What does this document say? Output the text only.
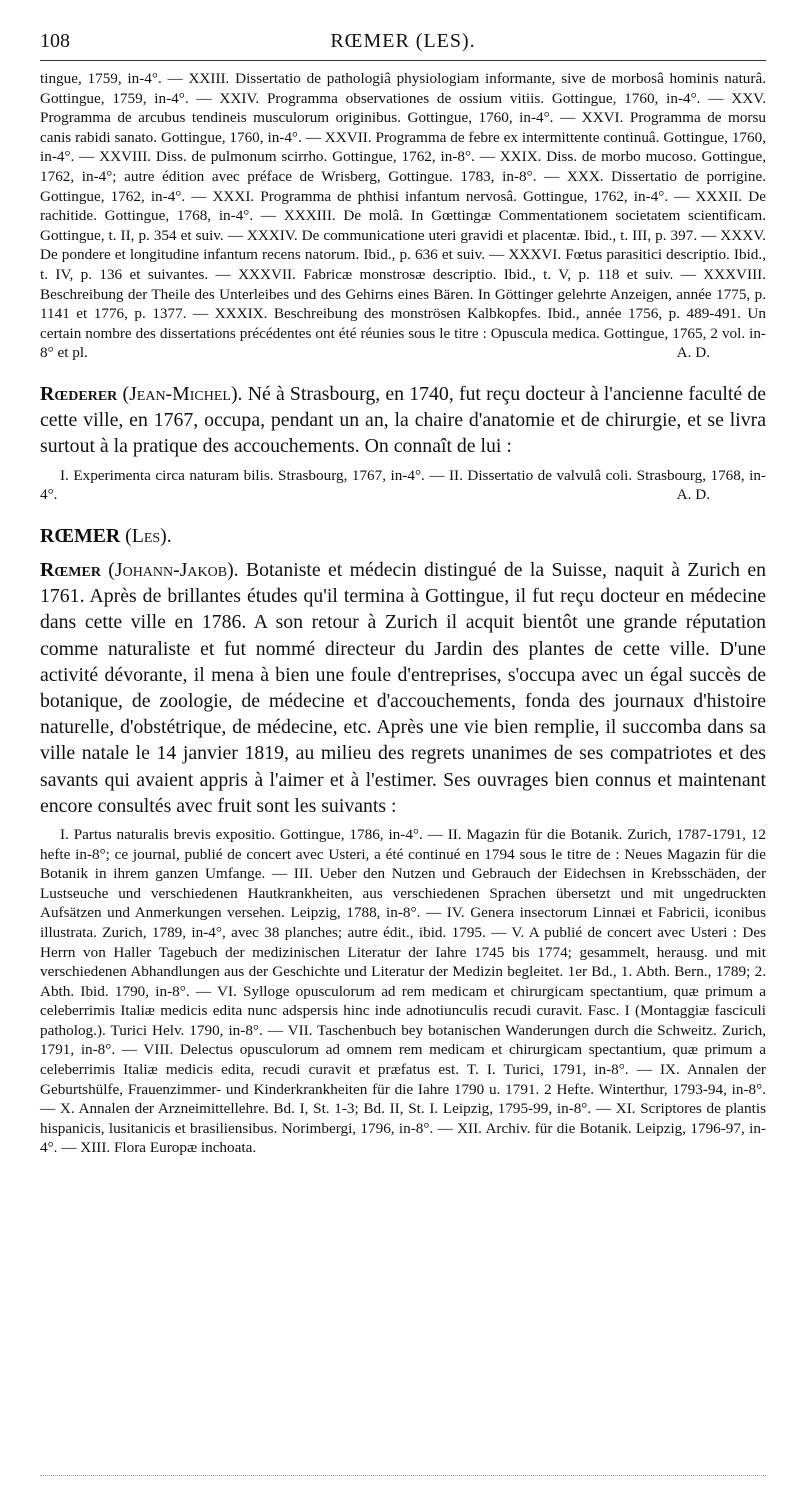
108	RŒMER (LES).

tingue, 1759, in-4°. — XXIII. Dissertatio de pathologiâ physiologiam informante, sive de morbosâ hominis naturâ. Gottingue, 1759, in-4°. — XXIV. Programma observationes de ossium vitiis. Gottingue, 1760, in-4°. — XXV. Programma de arcubus tendineis musculorum originibus. Gottingue, 1760, in-4°. — XXVI. Programma de morsu canis rabidi sanato. Gottingue, 1760, in-4°. — XXVII. Programma de febre ex intermittente continuâ. Gottingue, 1760, in-4°. — XXVIII. Diss. de pulmonum scirrho. Gottingue, 1762, in-8°. — XXIX. Diss. de morbo mucoso. Gottingue, 1762, in-4°; autre édition avec préface de Wrisberg, Gottingue. 1783, in-8°. — XXX. Dissertatio de porrigine. Gottingue, 1762, in-4°. — XXXI. Programma de phthisi infantum nervosâ. Gottingue, 1762, in-4°. — XXXII. De rachitide. Gottingue, 1768, in-4°. — XXXIII. De molâ. In Gœttingæ Commentationem societatem scientificam. Gottingue, t. II, p. 354 et suiv. — XXXIV. De communicatione uteri gravidi et placentæ. Ibid., t. III, p. 397. — XXXV. De pondere et longitudine infantum recens natorum. Ibid., p. 636 et suiv. — XXXVI. Fœtus parasitici descriptio. Ibid., t. IV, p. 136 et suivantes. — XXXVII. Fabricæ monstrosæ descriptio. Ibid., t. V, p. 118 et suiv. — XXXVIII. Beschreibung der Theile des Unterleibes und des Gehirns eines Bären. In Göttinger gelehrte Anzeigen, année 1775, p. 1141 et 1776, p. 1377. — XXXIX. Beschreibung des monströsen Kalbkopfes. Ibid., année 1756, p. 489-491. Un certain nombre des dissertations précédentes ont été réunies sous le titre : Opuscula medica. Gottingue, 1765, 2 vol. in-8° et pl.	A. D.

Rœderer (Jean-Michel). Né à Strasbourg, en 1740, fut reçu docteur à l'ancienne faculté de cette ville, en 1767, occupa, pendant un an, la chaire d'anatomie et de chirurgie, et se livra surtout à la pratique des accouchements. On connaît de lui :

I. Experimenta circa naturam bilis. Strasbourg, 1767, in-4°. — II. Dissertatio de valvulâ coli. Strasbourg, 1768, in-4°.	A. D.

RŒMER (Les).

Rœmer (Johann-Jakob). Botaniste et médecin distingué de la Suisse, naquit à Zurich en 1761. Après de brillantes études qu'il termina à Gottingue, il fut reçu docteur en médecine dans cette ville en 1786. A son retour à Zurich il acquit bientôt une grande réputation comme naturaliste et fut nommé directeur du Jardin des plantes de cette ville. D'une activité dévorante, il mena à bien une foule d'entreprises, s'occupa avec un égal succès de botanique, de zoologie, de médecine et d'accouchements, fonda des journaux d'histoire naturelle, d'obstétrique, de médecine, etc. Après une vie bien remplie, il succomba dans sa ville natale le 14 janvier 1819, au milieu des regrets unanimes de ses compatriotes et des savants qui avaient appris à l'aimer et à l'estimer. Ses ouvrages bien connus et maintenant encore consultés avec fruit sont les suivants :

I. Partus naturalis brevis expositio. Gottingue, 1786, in-4°. — II. Magazin für die Botanik. Zurich, 1787-1791, 12 hefte in-8°; ce journal, publié de concert avec Usteri, a été continué en 1794 sous le titre de : Neues Magazin für die Botanik in ihrem ganzen Umfange. — III. Ueber den Nutzen und Gebrauch der Eidechsen in Krebsschäden, der Lustseuche und verschiedenen Hautkrankheiten, aus verschiedenen Sprachen übersetzt und mit ungedruckten Aufsätzen und Anmerkungen versehen. Leipzig, 1788, in-8°. — IV. Genera insectorum Linnæi et Fabricii, iconibus illustrata. Zurich, 1789, in-4°, avec 38 planches; autre édit., ibid. 1795. — V. A publié de concert avec Usteri : Des Herrn von Haller Tagebuch der medizinischen Literatur der Iahre 1745 bis 1774; gesammelt, herausg. und mit verschiedenen Abhandlungen aus der Geschichte und Literatur der Medizin begleitet. 1er Bd., 1. Abth. Bern., 1789; 2. Abth. Ibid. 1790, in-8°. — VI. Sylloge opusculorum ad rem medicam et chirurgicam spectantium, quæ primum a celeberrimis Italiæ medicis edita nunc adspersis hinc inde adnotiunculis recudi curavit. Fasc. I (Montaggiæ fasciculi patholog.). Turici Helv. 1790, in-8°. — VII. Taschenbuch bey botanischen Wanderungen durch die Schweitz. Zurich, 1791, in-8°. — VIII. Delectus opusculorum ad omnem rem medicam et chirurgicam spectantium, quæ primum a celeberrimis Italiæ medicis edita, recudi curavit et præfatus est. T. I. Turici, 1791, in-8°. — IX. Annalen der Geburtshülfe, Frauenzimmer- und Kinderkrankheiten für die Iahre 1790 u. 1791. 2 Hefte. Winterthur, 1793-94, in-8°. — X. Annalen der Arzneimittellehre. Bd. I, St. 1-3; Bd. II, St. I. Leipzig, 1795-99, in-8°. — XI. Scriptores de plantis hispanicis, lusitanicis et brasiliensibus. Norimbergi, 1796, in-8°. — XII. Archiv. für die Botanik. Leipzig, 1796-97, in-4°. — XIII. Flora Europæ inchoata.
